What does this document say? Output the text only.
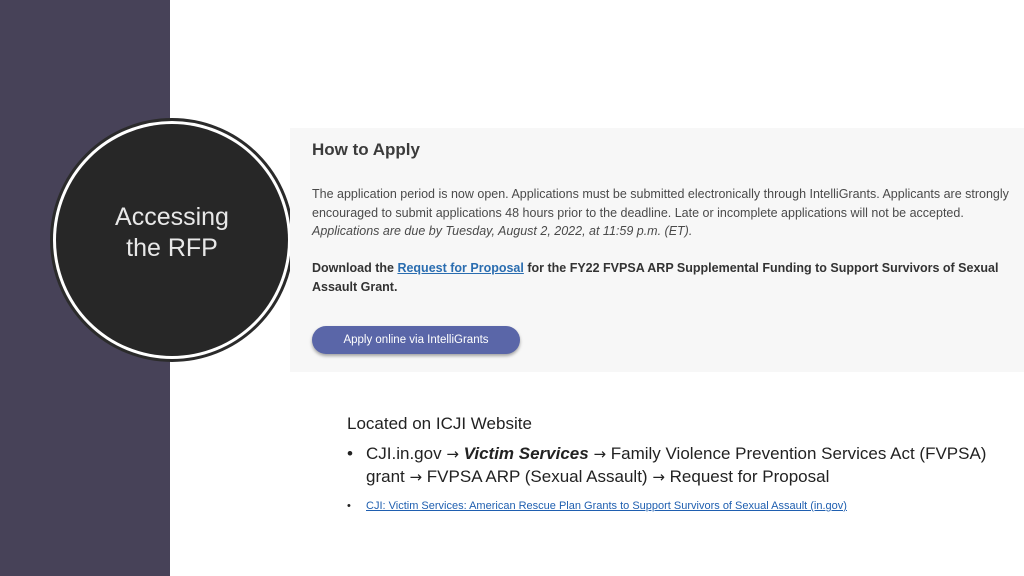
Accessing
the RFP
How to Apply
The application period is now open. Applications must be submitted electronically through IntelliGrants. Applicants are strongly encouraged to submit applications 48 hours prior to the deadline. Late or incomplete applications will not be accepted. Applications are due by Tuesday, August 2, 2022, at 11:59 p.m. (ET).
Download the Request for Proposal for the FY22 FVPSA ARP Supplemental Funding to Support Survivors of Sexual Assault Grant.
Apply online via IntelliGrants
Located on ICJI Website
• CJI.in.gov → Victim Services → Family Violence Prevention Services Act (FVPSA) grant → FVPSA ARP (Sexual Assault) → Request for Proposal
• CJI: Victim Services: American Rescue Plan Grants to Support Survivors of Sexual Assault (in.gov)
